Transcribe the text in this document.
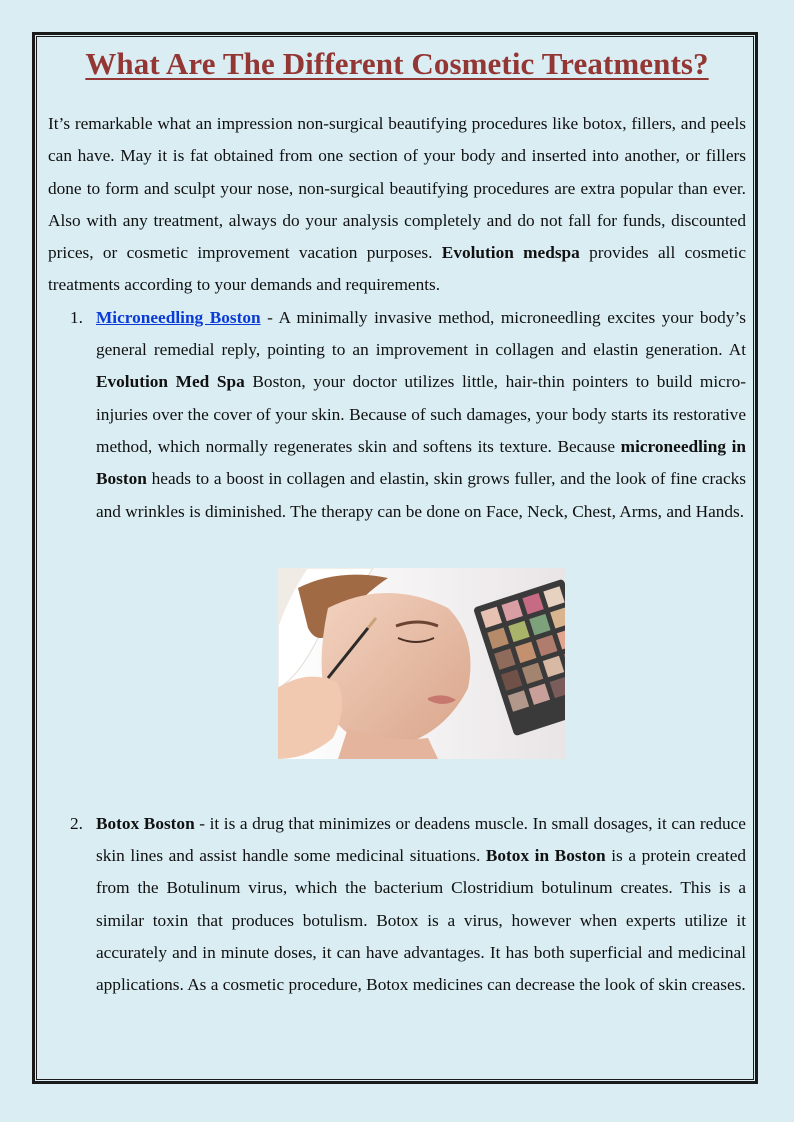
What Are The Different Cosmetic Treatments?

It’s remarkable what an impression non-surgical beautifying procedures like botox, fillers, and peels can have. May it is fat obtained from one section of your body and inserted into another, or fillers done to form and sculpt your nose, non-surgical beautifying procedures are extra popular than ever. Also with any treatment, always do your analysis completely and do not fall for funds, discounted prices, or cosmetic improvement vacation purposes. Evolution medspa provides all cosmetic treatments according to your demands and requirements.

1. Microneedling Boston - A minimally invasive method, microneedling excites your body’s general remedial reply, pointing to an improvement in collagen and elastin generation. At Evolution Med Spa Boston, your doctor utilizes little, hair-thin pointers to build micro-injuries over the cover of your skin. Because of such damages, your body starts its restorative method, which normally regenerates skin and softens its texture. Because microneedling in Boston heads to a boost in collagen and elastin, skin grows fuller, and the look of fine cracks and wrinkles is diminished. The therapy can be done on Face, Neck, Chest, Arms, and Hands.
2. Botox Boston - it is a drug that minimizes or deadens muscle. In small dosages, it can reduce skin lines and assist handle some medicinal situations. Botox in Boston is a protein created from the Botulinum virus, which the bacterium Clostridium botulinum creates. This is a similar toxin that produces botulism. Botox is a virus, however when experts utilize it accurately and in minute doses, it can have advantages. It has both superficial and medicinal applications. As a cosmetic procedure, Botox medicines can decrease the look of skin creases.
